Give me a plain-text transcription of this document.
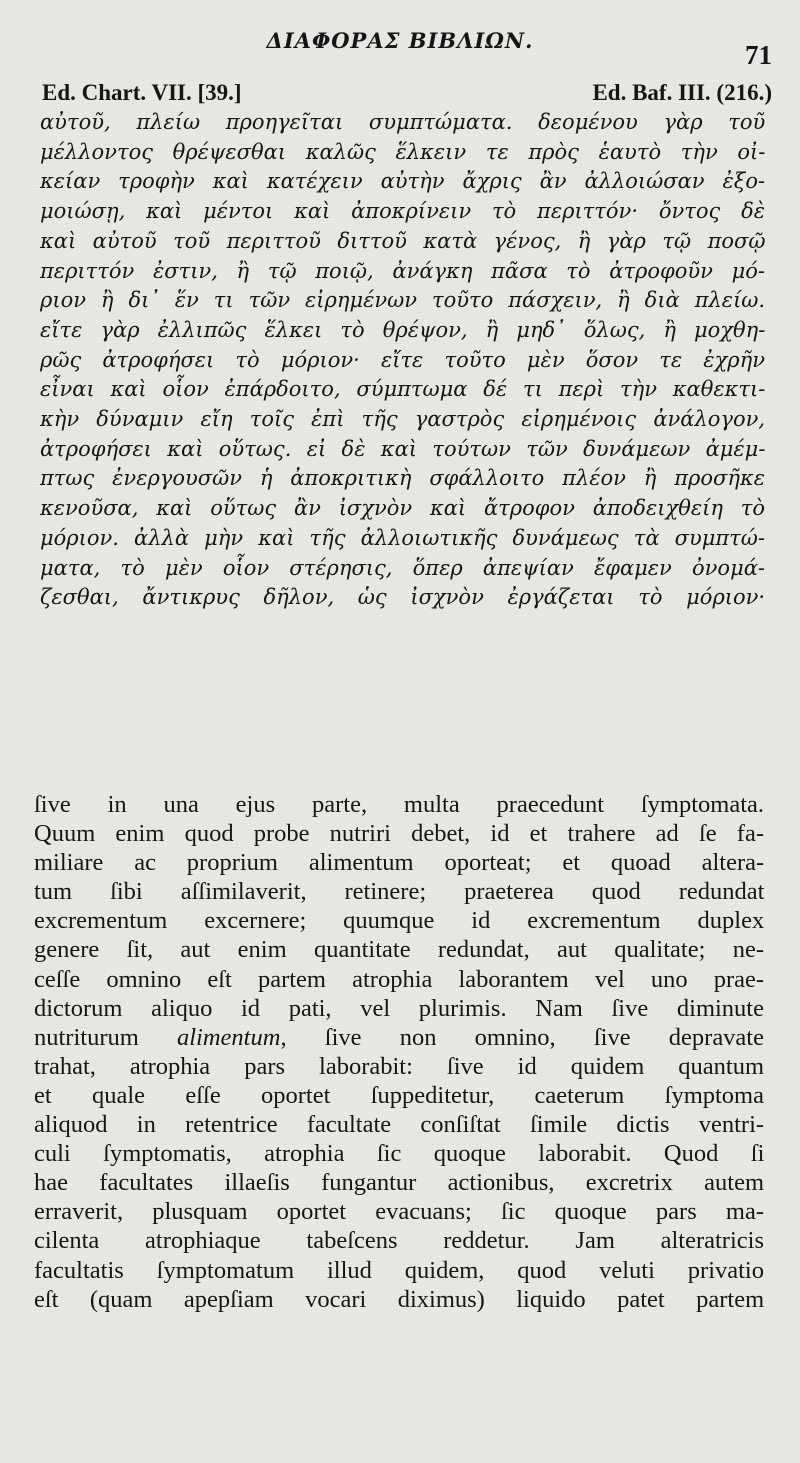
ΔΙΑΦΟΡΑΣ ΒΙΒΛΙΩΝ.	71
Ed. Chart. VII. [39.]	Ed. Baf. III. (216.)
αὐτοῦ, πλείω προηγεῖται συμπτώματα. δεομένου γὰρ τοῦ
μέλλοντος θρέψεσθαι καλῶς ἕλκειν τε πρὸς ἑαυτὸ τὴν οἰ-
κείαν τροφὴν καὶ κατέχειν αὐτὴν ἄχρις ἂν ἀλλοιώσαν ἐξο-
μοιώσῃ, καὶ μέντοι καὶ ἀποκρίνειν τὸ περιττόν· ὄντος δὲ
καὶ αὐτοῦ τοῦ περιττοῦ διττοῦ κατὰ γένος, ἢ γὰρ τῷ ποσῷ
περιττόν ἐστιν, ἢ τῷ ποιῷ, ἀνάγκη πᾶσα τὸ ἀτροφοῦν μό-
ριον ἢ δι᾽ ἕν τι τῶν εἰρημένων τοῦτο πάσχειν, ἢ διὰ πλείω.
εἴτε γὰρ ἐλλιπῶς ἕλκει τὸ θρέψον, ἢ μηδ᾽ ὅλως, ἢ μοχθη-
ρῶς ἀτροφήσει τὸ μόριον· εἴτε τοῦτο μὲν ὅσον τε ἐχρῆν
εἶναι καὶ οἷον ἐπάρδοιτο, σύμπτωμα δέ τι περὶ τὴν καθεκτι-
κὴν δύναμιν εἴη τοῖς ἐπὶ τῆς γαστρὸς εἰρημένοις ἀνάλογον,
ἀτροφήσει καὶ οὕτως. εἰ δὲ καὶ τούτων τῶν δυνάμεων ἀμέμ-
πτως ἐνεργουσῶν ἡ ἀποκριτικὴ σφάλλοιτο πλέον ἢ προσῆκε
κενοῦσα, καὶ οὕτως ἂν ἰσχνὸν καὶ ἄτροφον ἀποδειχθείη τὸ
μόριον. ἀλλὰ μὴν καὶ τῆς ἀλλοιωτικῆς δυνάμεως τὰ συμπτώ-
ματα, τὸ μὲν οἷον στέρησις, ὅπερ ἀπεψίαν ἔφαμεν ὀνομά-
ζεσθαι, ἄντικρυς δῆλον, ὡς ἰσχνὸν ἐργάζεται τὸ μόριον·
ſive in una ejus parte, multa praecedunt ſymptomata.
Quum enim quod probe nutriri debet, id et trahere ad ſe fa-
miliare ac proprium alimentum oporteat; et quoad altera-
tum ſibi aſſimilaverit, retinere; praeterea quod redundat
excrementum excernere; quumque id excrementum duplex
genere ſit, aut enim quantitate redundat, aut qualitate; ne-
ceſſe omnino eſt partem atrophia laborantem vel uno prae-
dictorum aliquo id pati, vel plurimis. Nam ſive diminute
nutriturum alimentum, ſive non omnino, ſive depravate
trahat, atrophia pars laborabit: ſive id quidem quantum
et quale eſſe oportet ſuppeditetur, caeterum ſymptoma
aliquod in retentrice facultate conſiſtat ſimile dictis ventri-
culi ſymptomatis, atrophia ſic quoque laborabit. Quod ſi
hae facultates illaeſis fungantur actionibus, excretrix autem
erraverit, plusquam oportet evacuans; ſic quoque pars ma-
cilenta atrophiaque tabeſcens reddetur. Jam alteratricis
facultatis ſymptomatum illud quidem, quod veluti privatio
eſt (quam apepſiam vocari diximus) liquido patet partem
